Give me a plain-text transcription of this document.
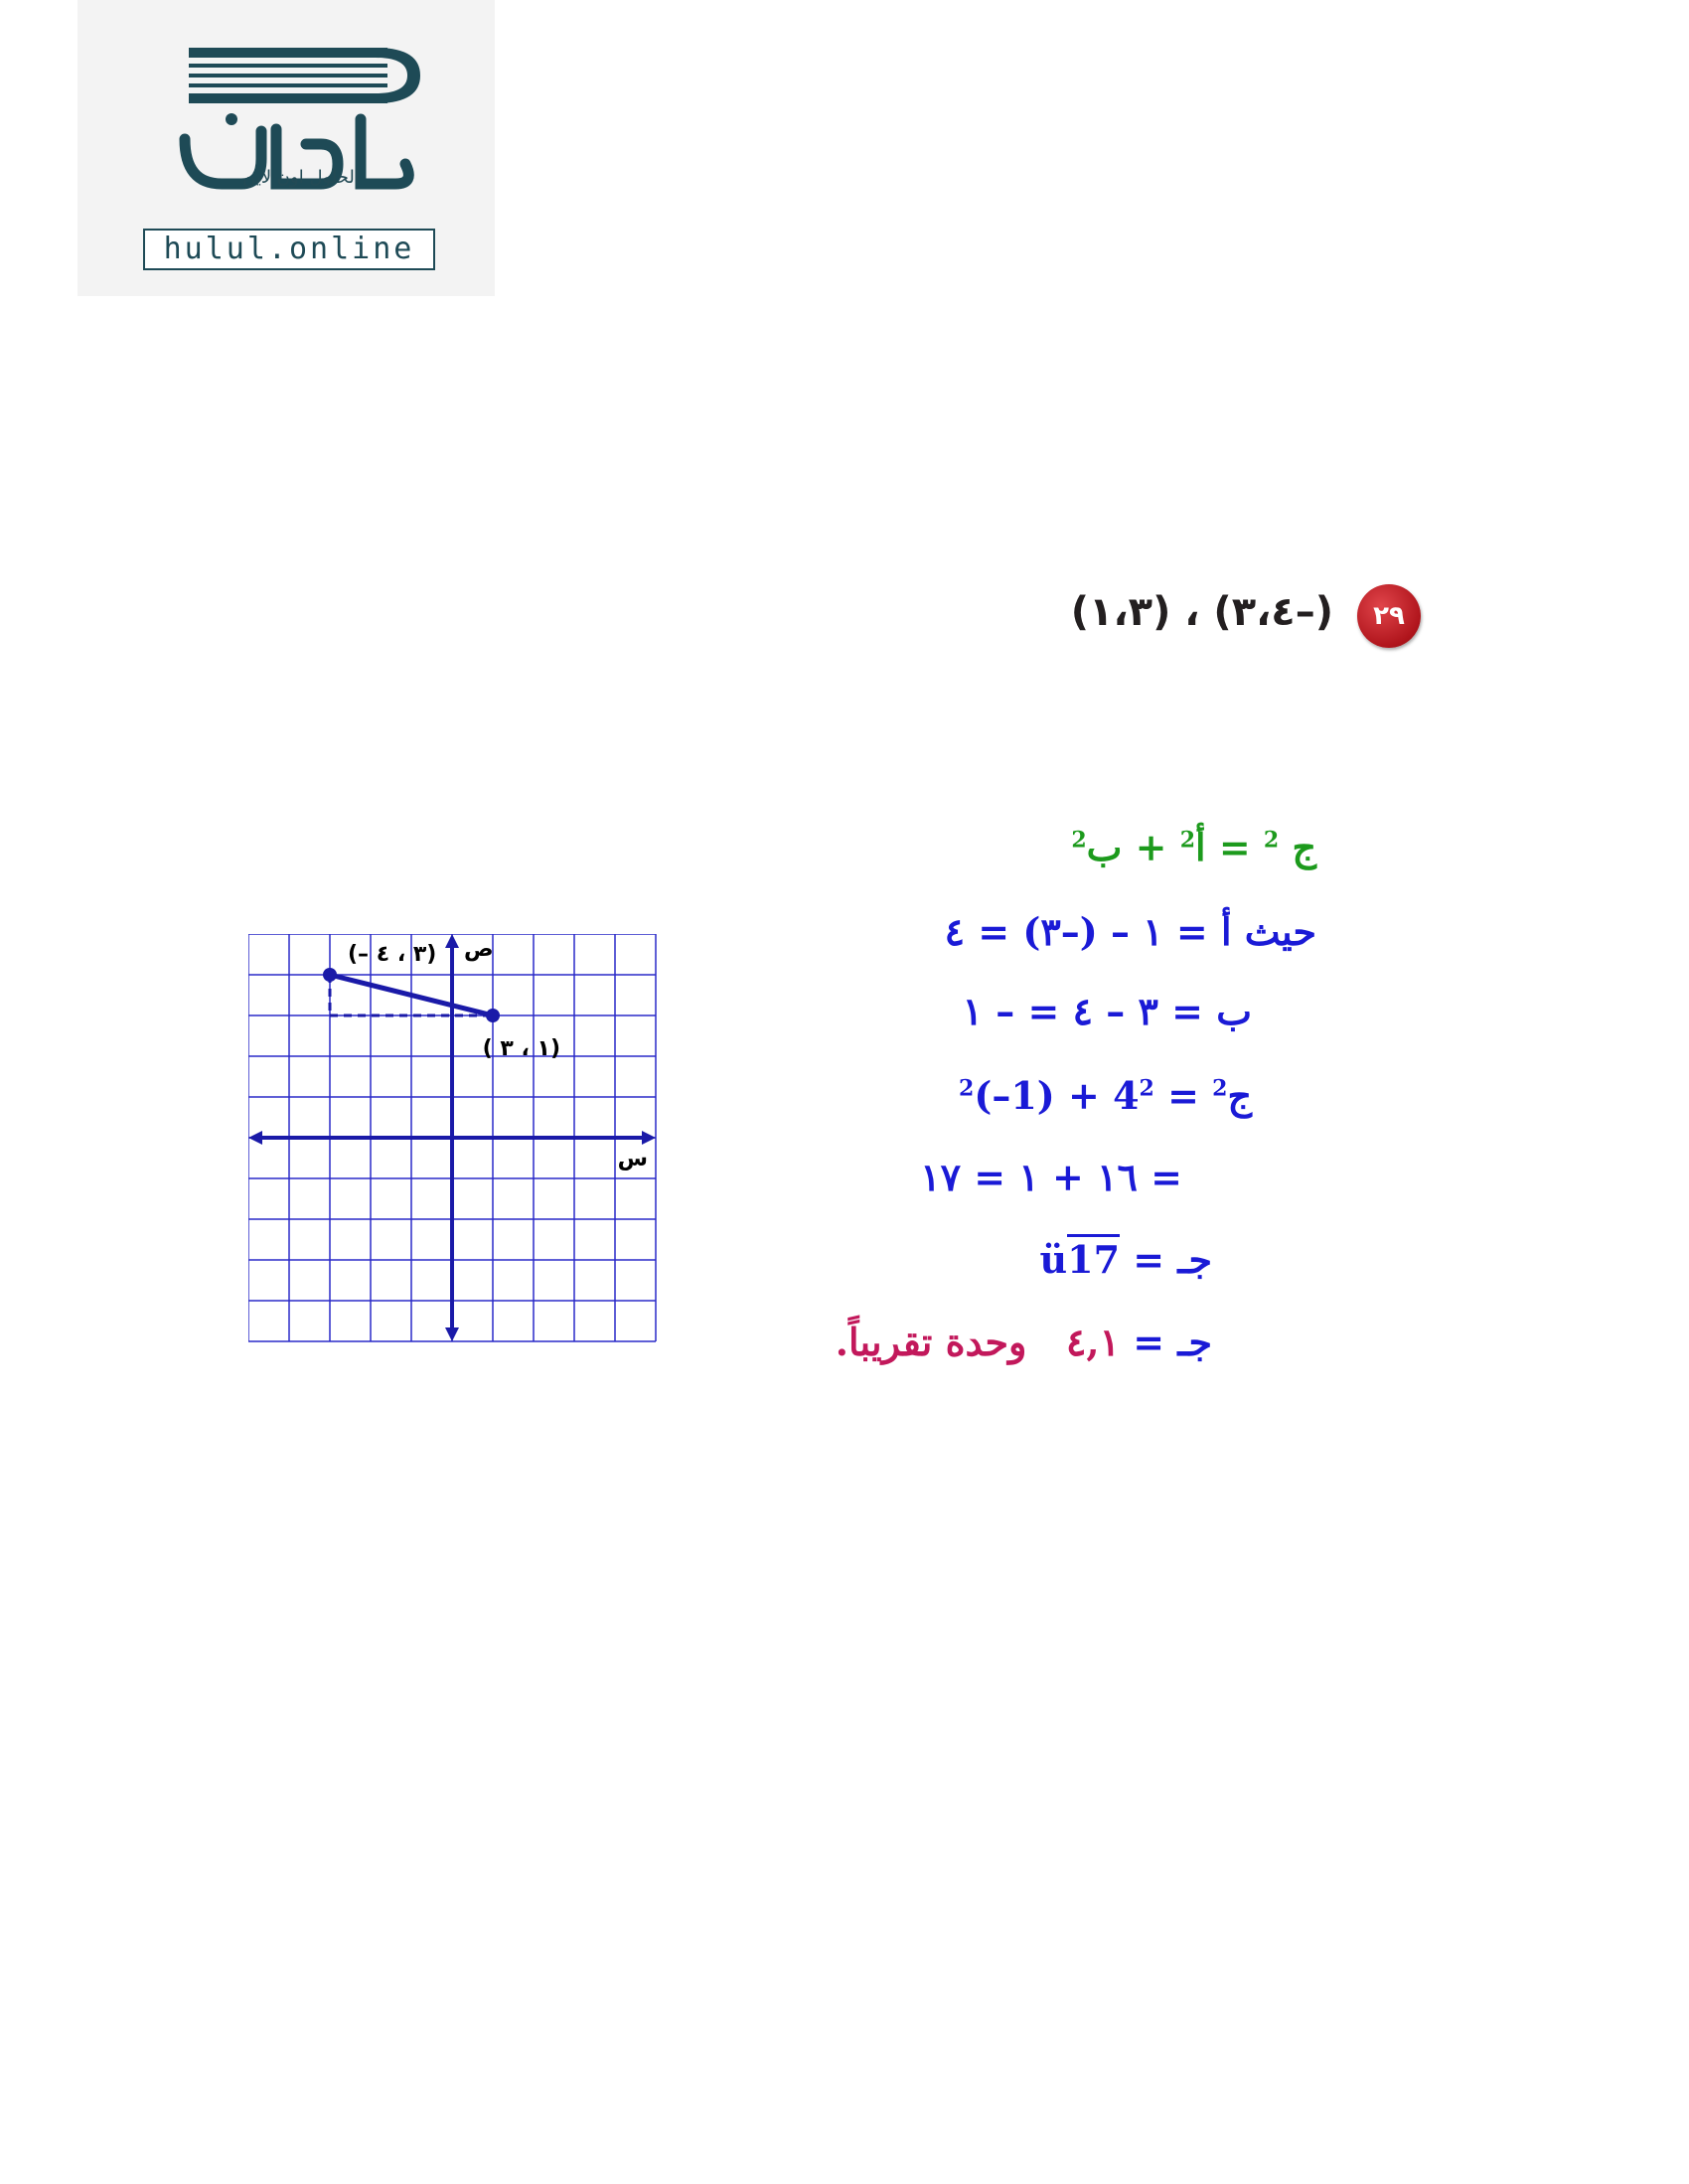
الحلول اون لاين
hulul.online
٢٩
(–٣،٤) ، (١،٣)
س
ص
(– ٣ ، ٤)
( ١ ، ٣)
ج $^2$ = أ$^2$ + ب$^2$
حيث أ = ١ – (–٣) = ٤
ب = ٣ – ٤ = – ١
ج$^2$ = $4^2 + (1-)^2$
= ١٦ + ١ = ١٧
جـ = ü17
جـ = ٤,١   وحدة تقريباً.
